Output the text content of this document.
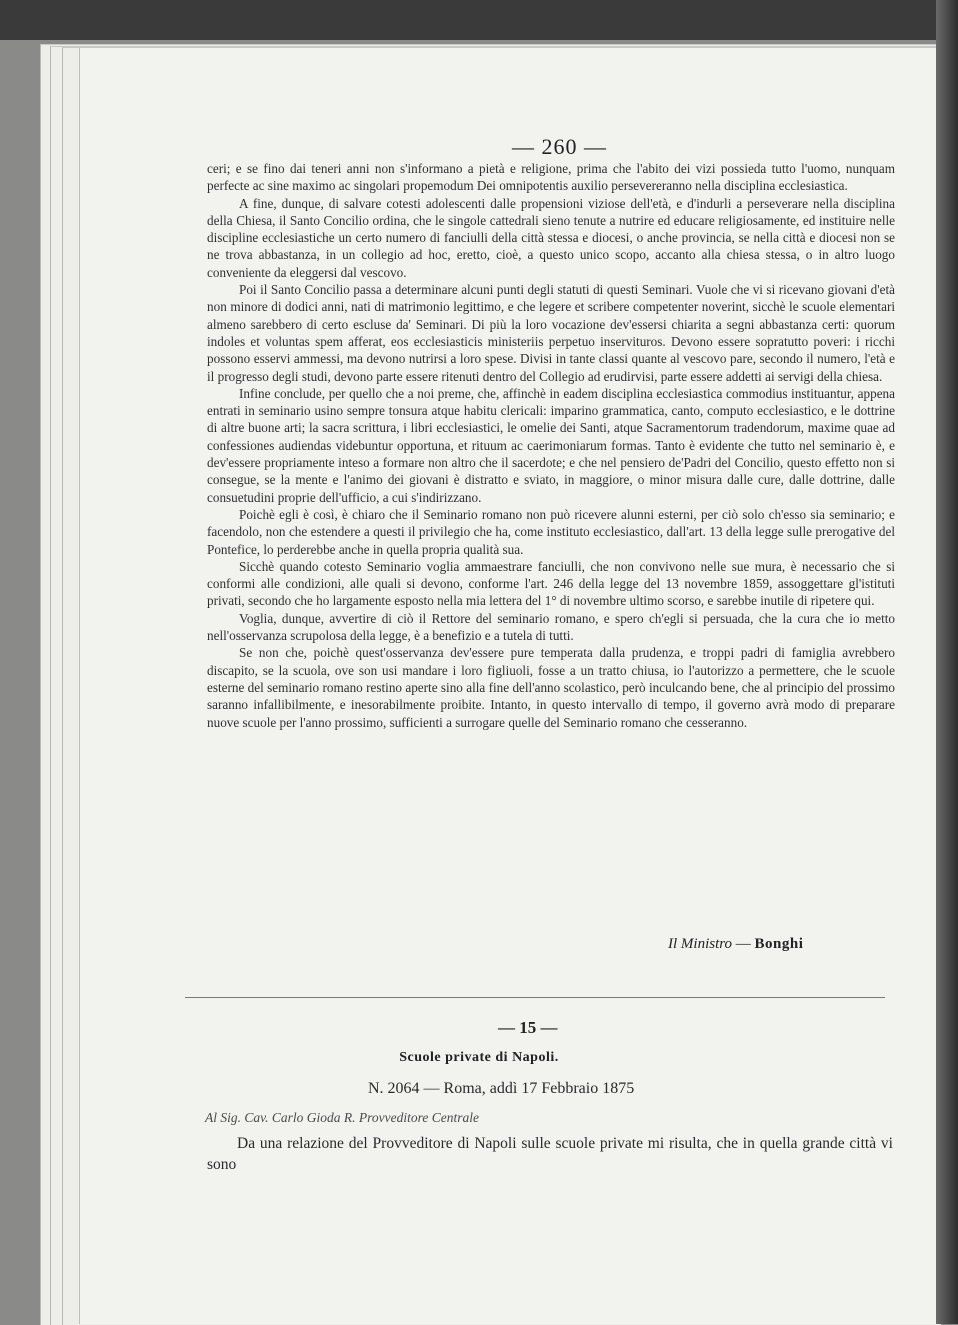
— 260 —

ceri; e se fino dai teneri anni non s'informano a pietà e religione, prima che l'abito dei vizi possieda tutto l'uomo, nunquam perfecte ac sine maximo ac singolari propemodum Dei omnipotentis auxilio persevereranno nella disciplina ecclesiastica.

A fine, dunque, di salvare cotesti adolescenti dalle propensioni viziose dell'età, e d'indurli a perseverare nella disciplina della Chiesa, il Santo Concilio ordina, che le singole cattedrali sieno tenute a nutrire ed educare religiosamente, ed instituire nelle discipline ecclesiastiche un certo numero di fanciulli della città stessa e diocesi, o anche provincia, se nella città e diocesi non se ne trova abbastanza, in un collegio ad hoc, eretto, cioè, a questo unico scopo, accanto alla chiesa stessa, o in altro luogo conveniente da eleggersi dal vescovo.

Poi il Santo Concilio passa a determinare alcuni punti degli statuti di questi Seminari. Vuole che vi si ricevano giovani d'età non minore di dodici anni, nati di matrimonio legittimo, e che legere et scribere competenter noverint, sicchè le scuole elementari almeno sarebbero di certo escluse da' Seminari. Di più la loro vocazione dev'essersi chiarita a segni abbastanza certi: quorum indoles et voluntas spem afferat, eos ecclesiasticis ministeriis perpetuo inservituros. Devono essere sopratutto poveri: i ricchi possono esservi ammessi, ma devono nutrirsi a loro spese. Divisi in tante classi quante al vescovo pare, secondo il numero, l'età e il progresso degli studi, devono parte essere ritenuti dentro del Collegio ad erudirvisi, parte essere addetti ai servigi della chiesa.

Infine conclude, per quello che a noi preme, che, affinchè in eadem disciplina ecclesiastica commodius instituantur, appena entrati in seminario usino sempre tonsura atque habitu clericali: imparino grammatica, canto, computo ecclesiastico, e le dottrine di altre buone arti; la sacra scrittura, i libri ecclesiastici, le omelie dei Santi, atque Sacramentorum tradendorum, maxime quae ad confessiones audiendas videbuntur opportuna, et rituum ac caerimoniarum formas. Tanto è evidente che tutto nel seminario è, e dev'essere propriamente inteso a formare non altro che il sacerdote; e che nel pensiero de'Padri del Concilio, questo effetto non si consegue, se la mente e l'animo dei giovani è distratto e sviato, in maggiore, o minor misura dalle cure, dalle dottrine, dalle consuetudini proprie dell'ufficio, a cui s'indirizzano.

Poichè egli è così, è chiaro che il Seminario romano non può ricevere alunni esterni, per ciò solo ch'esso sia seminario; e facendolo, non che estendere a questi il privilegio che ha, come instituto ecclesiastico, dall'art. 13 della legge sulle prerogative del Pontefice, lo perderebbe anche in quella propria qualità sua.

Sicchè quando cotesto Seminario voglia ammaestrare fanciulli, che non convivono nelle sue mura, è necessario che si conformi alle condizioni, alle quali si devono, conforme l'art. 246 della legge del 13 novembre 1859, assoggettare gl'istituti privati, secondo che ho largamente esposto nella mia lettera del 1° di novembre ultimo scorso, e sarebbe inutile di ripetere qui.

Voglia, dunque, avvertire di ciò il Rettore del seminario romano, e spero ch'egli si persuada, che la cura che io metto nell'osservanza scrupolosa della legge, è a benefizio e a tutela di tutti.

Se non che, poichè quest'osservanza dev'essere pure temperata dalla prudenza, e troppi padri di famiglia avrebbero discapito, se la scuola, ove son usi mandare i loro figliuoli, fosse a un tratto chiusa, io l'autorizzo a permettere, che le scuole esterne del seminario romano restino aperte sino alla fine dell'anno scolastico, però inculcando bene, che al principio del prossimo saranno infallibilmente, e inesorabilmente proibite. Intanto, in questo intervallo di tempo, il governo avrà modo di preparare nuove scuole per l'anno prossimo, sufficienti a surrogare quelle del Seminario romano che cesseranno.

Il Ministro — Bonghi
— 15 —
Scuole private di Napoli.
N. 2064 — Roma, addì 17 Febbraio 1875
Al Sig. Cav. Carlo Gioda R. Provveditore Centrale

Da una relazione del Provveditore di Napoli sulle scuole private mi risulta, che in quella grande città vi sono
